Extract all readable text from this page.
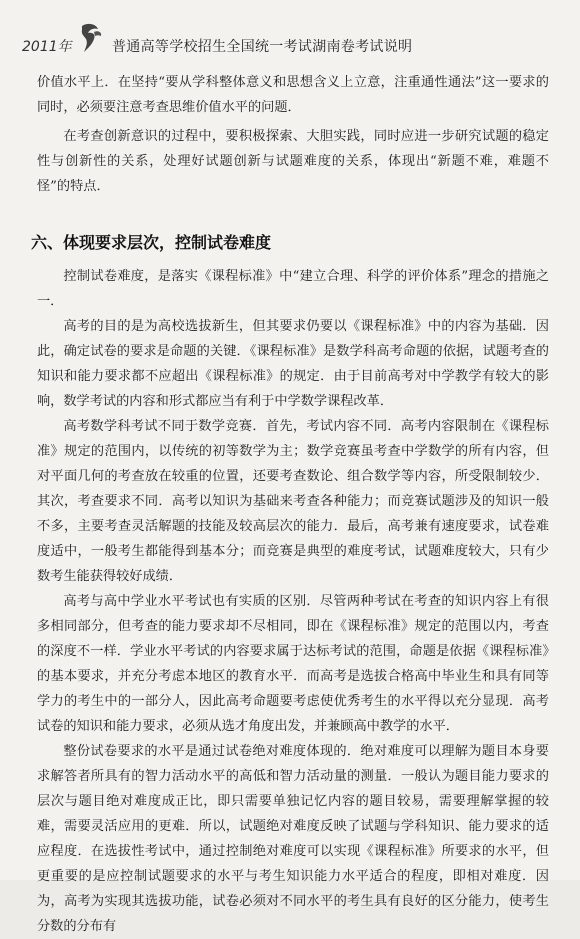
2011年	普通高等学校招生全国统一考试湖南卷考试说明

价值水平上．在坚持“要从学科整体意义和思想含义上立意，注重通性通法”这一要求的同时，必须要注意考查思维价值水平的问题．

在考查创新意识的过程中，要积极探索、大胆实践，同时应进一步研究试题的稳定性与创新性的关系，处理好试题创新与试题难度的关系，体现出“新题不难，难题不怪”的特点．

六、体现要求层次，控制试卷难度

控制试卷难度，是落实《课程标准》中“建立合理、科学的评价体系”理念的措施之一．

高考的目的是为高校选拔新生，但其要求仍要以《课程标准》中的内容为基础．因此，确定试卷的要求是命题的关键．《课程标准》是数学科高考命题的依据，试题考查的知识和能力要求都不应超出《课程标准》的规定．由于目前高考对中学教学有较大的影响，数学考试的内容和形式都应当有利于中学数学课程改革．

高考数学科考试不同于数学竞赛．首先，考试内容不同．高考内容限制在《课程标准》规定的范围内，以传统的初等数学为主；数学竞赛虽考查中学数学的所有内容，但对平面几何的考查放在较重的位置，还要考查数论、组合数学等内容，所受限制较少．其次，考查要求不同．高考以知识为基础来考查各种能力；而竞赛试题涉及的知识一般不多，主要考查灵活解题的技能及较高层次的能力．最后，高考兼有速度要求，试卷难度适中，一般考生都能得到基本分；而竞赛是典型的难度考试，试题难度较大，只有少数考生能获得较好成绩．

高考与高中学业水平考试也有实质的区别．尽管两种考试在考查的知识内容上有很多相同部分，但考查的能力要求却不尽相同，即在《课程标准》规定的范围以内，考查的深度不一样．学业水平考试的内容要求属于达标考试的范围，命题是依据《课程标准》的基本要求，并充分考虑本地区的教育水平．而高考是选拔合格高中毕业生和具有同等学力的考生中的一部分人，因此高考命题要考虑使优秀考生的水平得以充分显现．高考试卷的知识和能力要求，必须从选才角度出发，并兼顾高中教学的水平．

整份试卷要求的水平是通过试卷绝对难度体现的．绝对难度可以理解为题目本身要求解答者所具有的智力活动水平的高低和智力活动量的测量．一般认为题目能力要求的层次与题目绝对难度成正比，即只需要单独记忆内容的题目较易，需要理解掌握的较难，需要灵活应用的更难．所以，试题绝对难度反映了试题与学科知识、能力要求的适应程度．在选拔性考试中，通过控制绝对难度可以实现《课程标准》所要求的水平，但更重要的是应控制试题要求的水平与考生知识能力水平适合的程度，即相对难度．因为，高考为实现其选拔功能，试卷必须对不同水平的考生具有良好的区分能力，使考生分数的分布有
